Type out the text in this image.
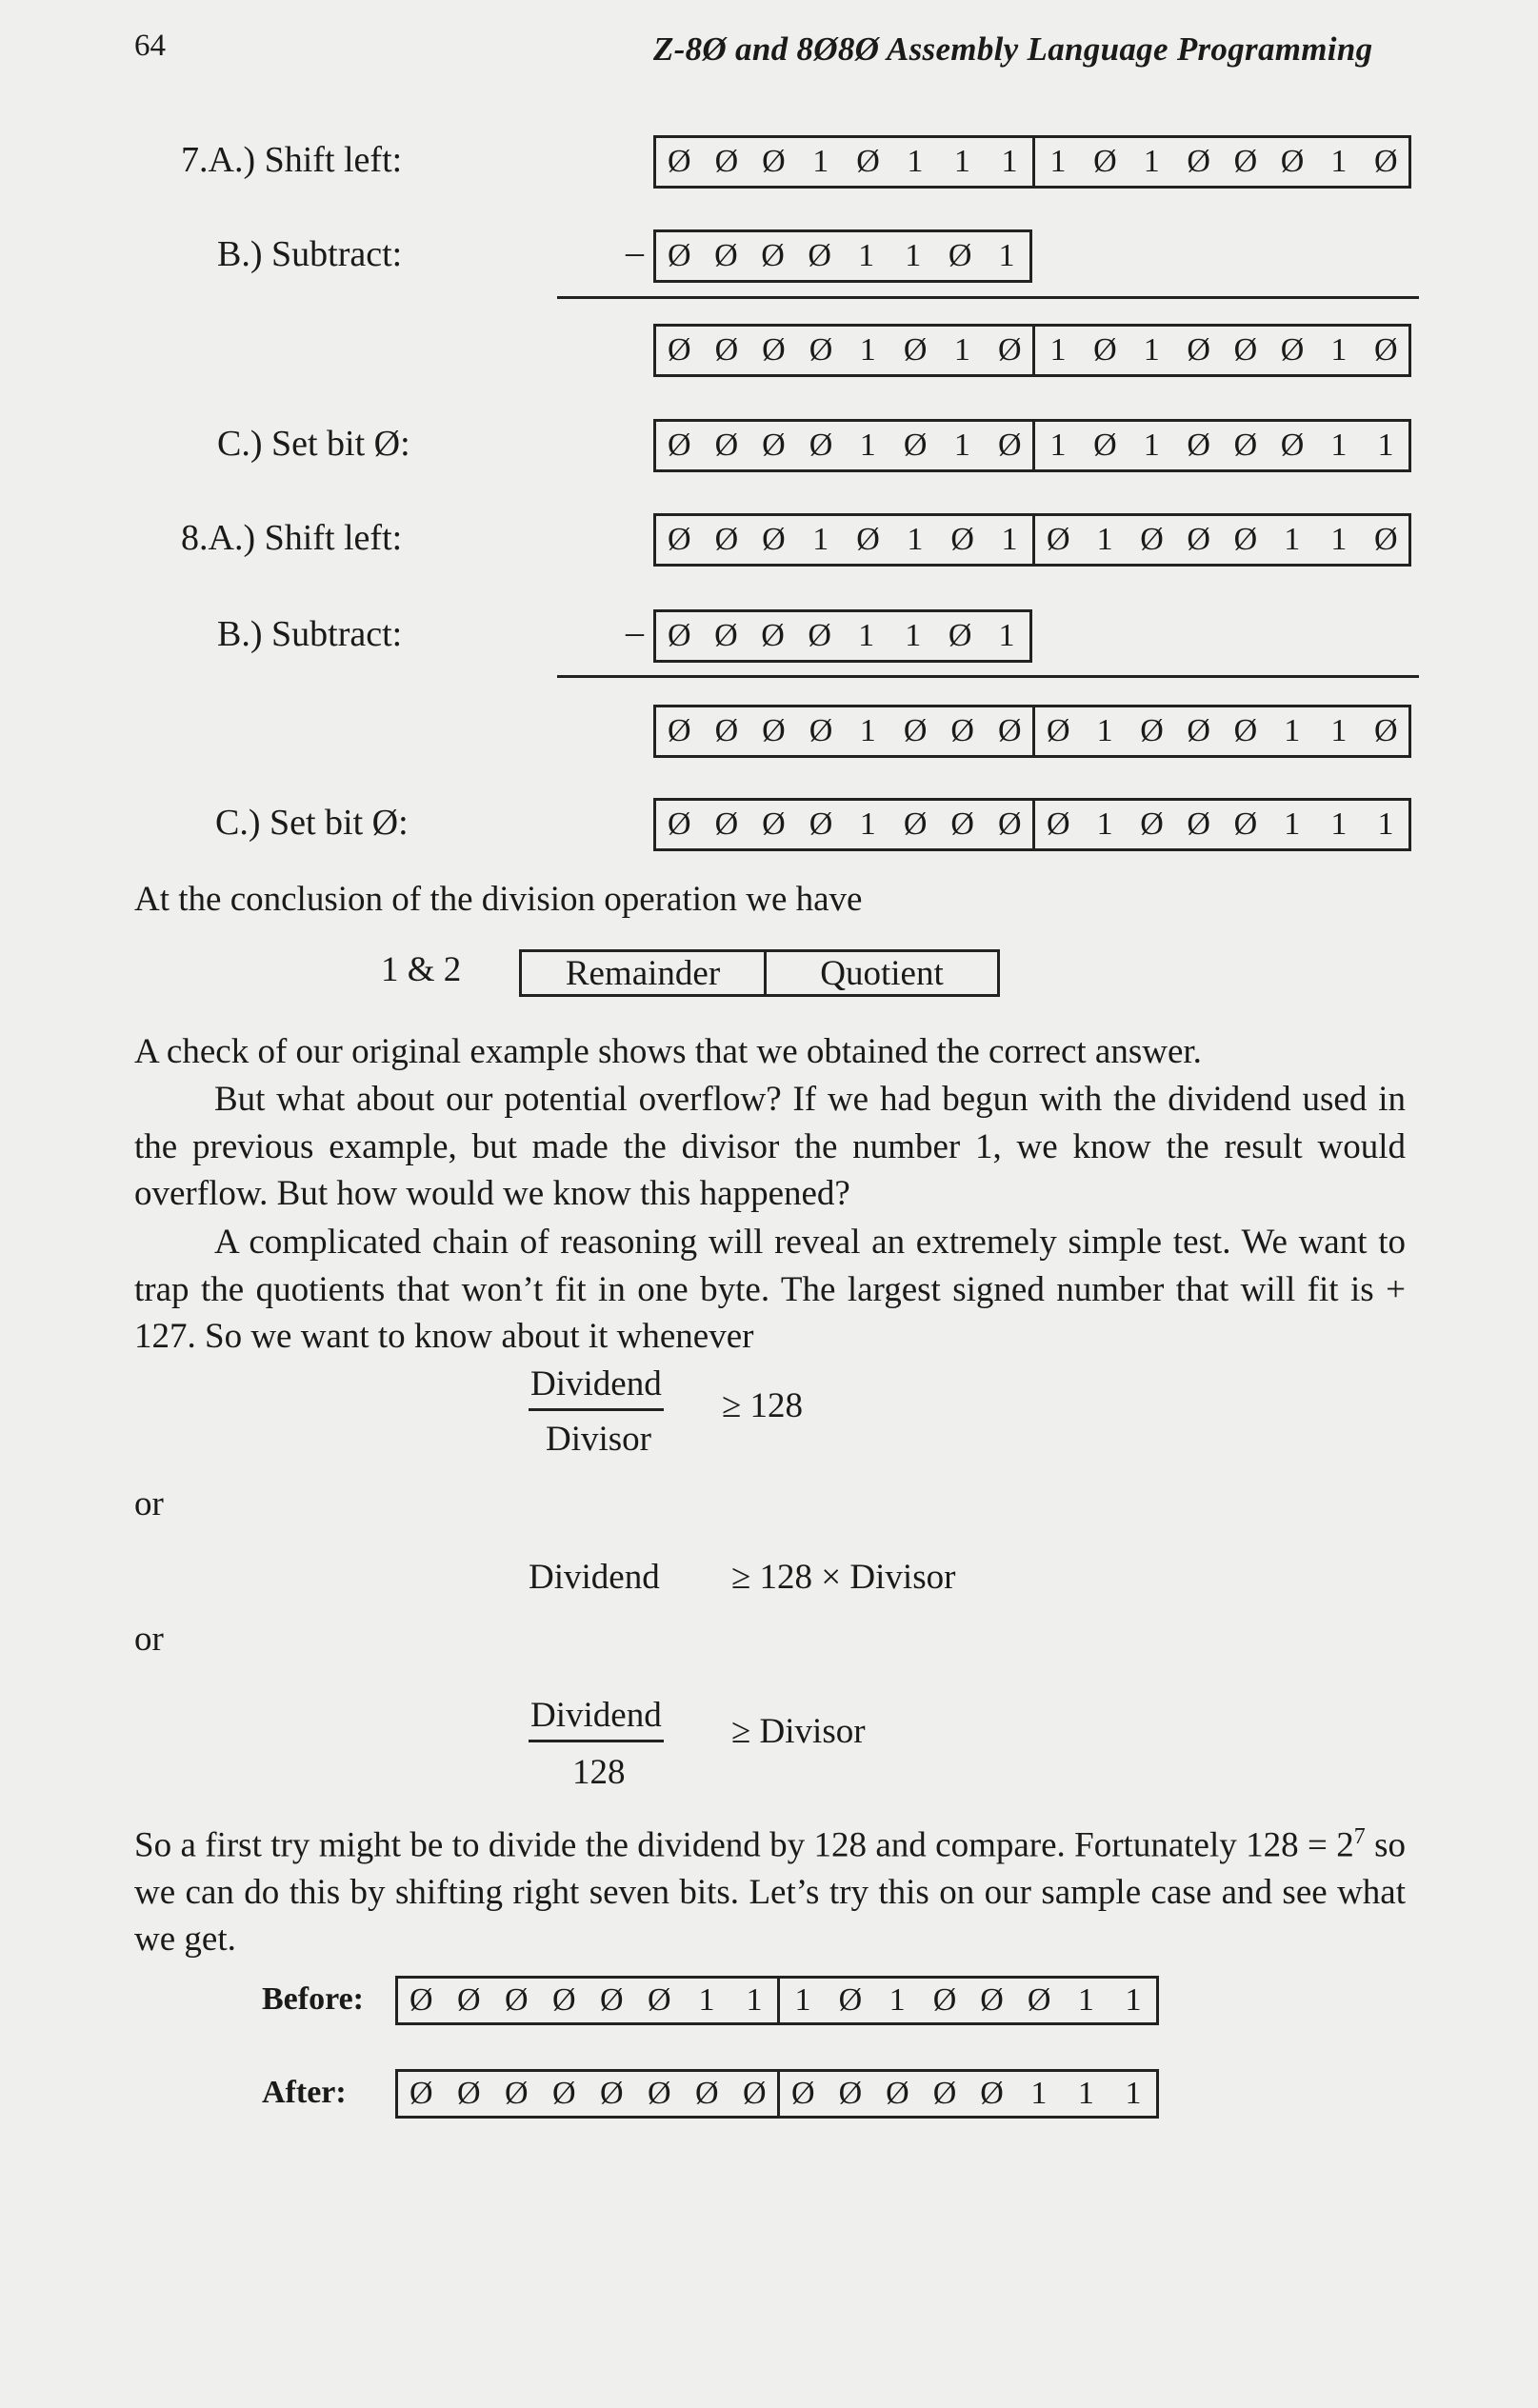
64	Z-8Ø and 8Ø8Ø Assembly Language Programming
7.A.) Shift left:	Ø Ø Ø 1 Ø 1 1 1 1 Ø 1 Ø Ø Ø 1 Ø
B.) Subtract:	– Ø Ø Ø Ø 1 1 Ø 1
Ø Ø Ø Ø 1 Ø 1 Ø 1 Ø 1 Ø Ø Ø 1 Ø
C.) Set bit Ø:	Ø Ø Ø Ø 1 Ø 1 Ø 1 Ø 1 Ø Ø Ø 1 1
8.A.) Shift left:	Ø Ø Ø 1 Ø 1 Ø 1 Ø 1 Ø Ø Ø 1 1 Ø
B.) Subtract:	– Ø Ø Ø Ø 1 1 Ø 1
Ø Ø Ø Ø 1 Ø Ø Ø Ø 1 Ø Ø Ø 1 1 Ø
C.) Set bit Ø:	Ø Ø Ø Ø 1 Ø Ø Ø Ø 1 Ø Ø Ø 1 1 1
At the conclusion of the division operation we have
1 & 2	Remainder	Quotient
A check of our original example shows that we obtained the correct answer.
But what about our potential overflow? If we had begun with the dividend used in the previous example, but made the divisor the number 1, we know the result would overflow. But how would we know this happened?
A complicated chain of reasoning will reveal an extremely simple test. We want to trap the quotients that won’t fit in one byte. The largest signed number that will fit is + 127. So we want to know about it whenever
Dividend
Divisor
≥ 128
or
Dividend ≥ 128 × Divisor
or
Dividend
128
≥ Divisor
So a first try might be to divide the dividend by 128 and compare. Fortunately $128 = 2^7$ so we can do this by shifting right seven bits. Let’s try this on our sample case and see what we get.
Before: Ø Ø Ø Ø Ø Ø 1 1 1 Ø 1 Ø Ø Ø 1 1
After: Ø Ø Ø Ø Ø Ø Ø Ø Ø Ø Ø Ø Ø 1 1 1
